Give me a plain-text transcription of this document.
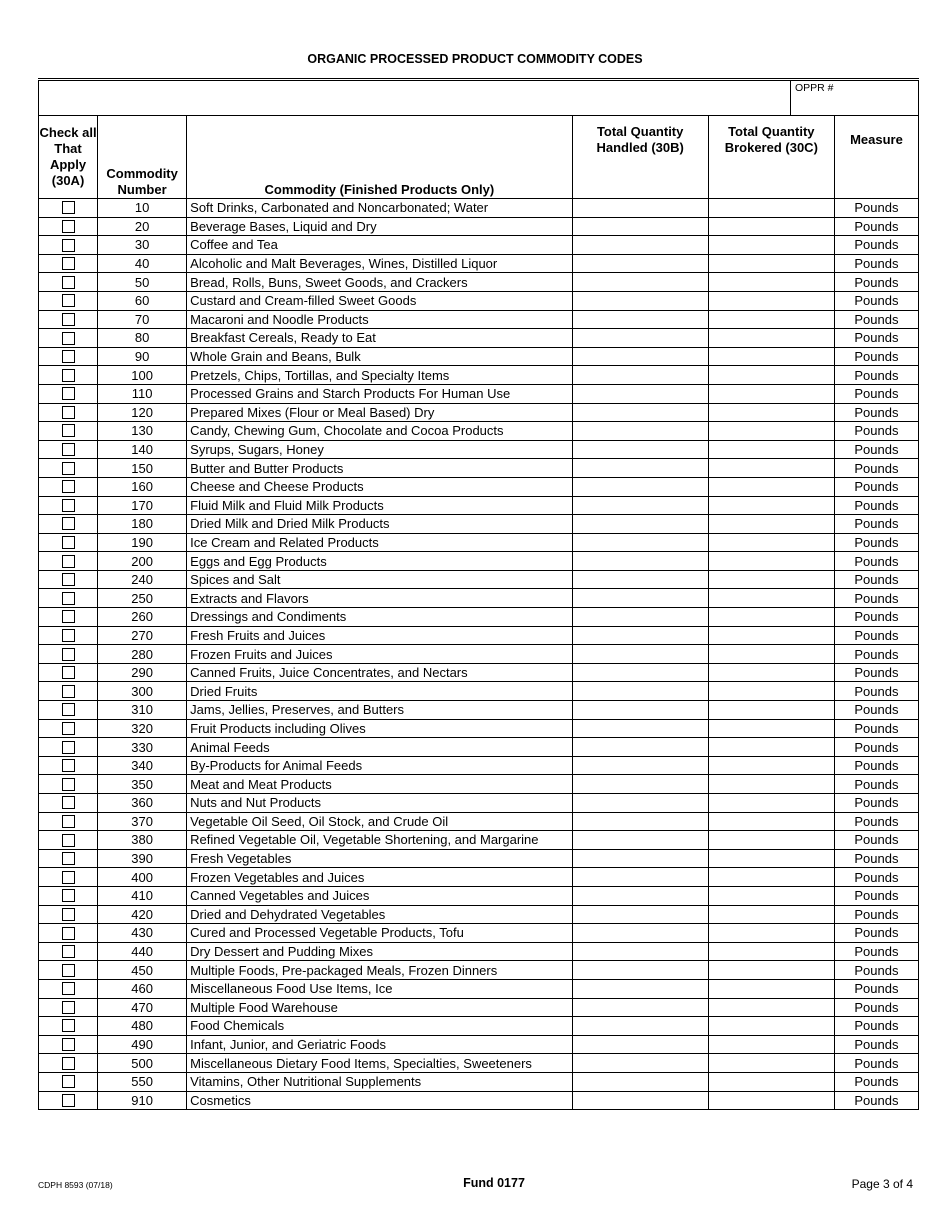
ORGANIC PROCESSED PRODUCT COMMODITY CODES
OPPR #
Check all That Apply (30A)	Commodity Number	Commodity (Finished Products Only)	Total Quantity Handled (30B)	Total Quantity Brokered (30C)	Measure
	10	Soft Drinks, Carbonated and Noncarbonated; Water			Pounds
	20	Beverage Bases, Liquid and Dry			Pounds
	30	Coffee and Tea			Pounds
	40	Alcoholic and Malt Beverages, Wines, Distilled Liquor			Pounds
	50	Bread, Rolls, Buns, Sweet Goods, and Crackers			Pounds
	60	Custard and Cream-filled Sweet Goods			Pounds
	70	Macaroni and Noodle Products			Pounds
	80	Breakfast Cereals, Ready to Eat			Pounds
	90	Whole Grain and Beans, Bulk			Pounds
	100	Pretzels, Chips, Tortillas, and Specialty Items			Pounds
	110	Processed Grains and Starch Products For Human Use			Pounds
	120	Prepared Mixes (Flour or Meal Based) Dry			Pounds
	130	Candy, Chewing Gum, Chocolate and Cocoa Products			Pounds
	140	Syrups, Sugars, Honey			Pounds
	150	Butter and Butter Products			Pounds
	160	Cheese and Cheese Products			Pounds
	170	Fluid Milk and Fluid Milk Products			Pounds
	180	Dried Milk and Dried Milk Products			Pounds
	190	Ice Cream and Related Products			Pounds
	200	Eggs and Egg Products			Pounds
	240	Spices and Salt			Pounds
	250	Extracts and Flavors			Pounds
	260	Dressings and Condiments			Pounds
	270	Fresh Fruits and Juices			Pounds
	280	Frozen Fruits and Juices			Pounds
	290	Canned Fruits, Juice Concentrates, and Nectars			Pounds
	300	Dried Fruits			Pounds
	310	Jams, Jellies, Preserves, and Butters			Pounds
	320	Fruit Products including Olives			Pounds
	330	Animal Feeds			Pounds
	340	By-Products for Animal Feeds			Pounds
	350	Meat and Meat Products			Pounds
	360	Nuts and Nut Products			Pounds
	370	Vegetable Oil Seed, Oil Stock, and Crude Oil			Pounds
	380	Refined Vegetable Oil, Vegetable Shortening, and Margarine			Pounds
	390	Fresh Vegetables			Pounds
	400	Frozen Vegetables and Juices			Pounds
	410	Canned Vegetables and Juices			Pounds
	420	Dried and Dehydrated Vegetables			Pounds
	430	Cured and Processed Vegetable Products, Tofu			Pounds
	440	Dry Dessert and Pudding Mixes			Pounds
	450	Multiple Foods, Pre-packaged Meals, Frozen Dinners			Pounds
	460	Miscellaneous Food Use Items, Ice			Pounds
	470	Multiple Food Warehouse			Pounds
	480	Food Chemicals			Pounds
	490	Infant, Junior, and Geriatric Foods			Pounds
	500	Miscellaneous Dietary Food Items, Specialties, Sweeteners			Pounds
	550	Vitamins, Other Nutritional Supplements			Pounds
	910	Cosmetics			Pounds
CDPH 8593 (07/18)	Fund 0177	Page 3 of 4
